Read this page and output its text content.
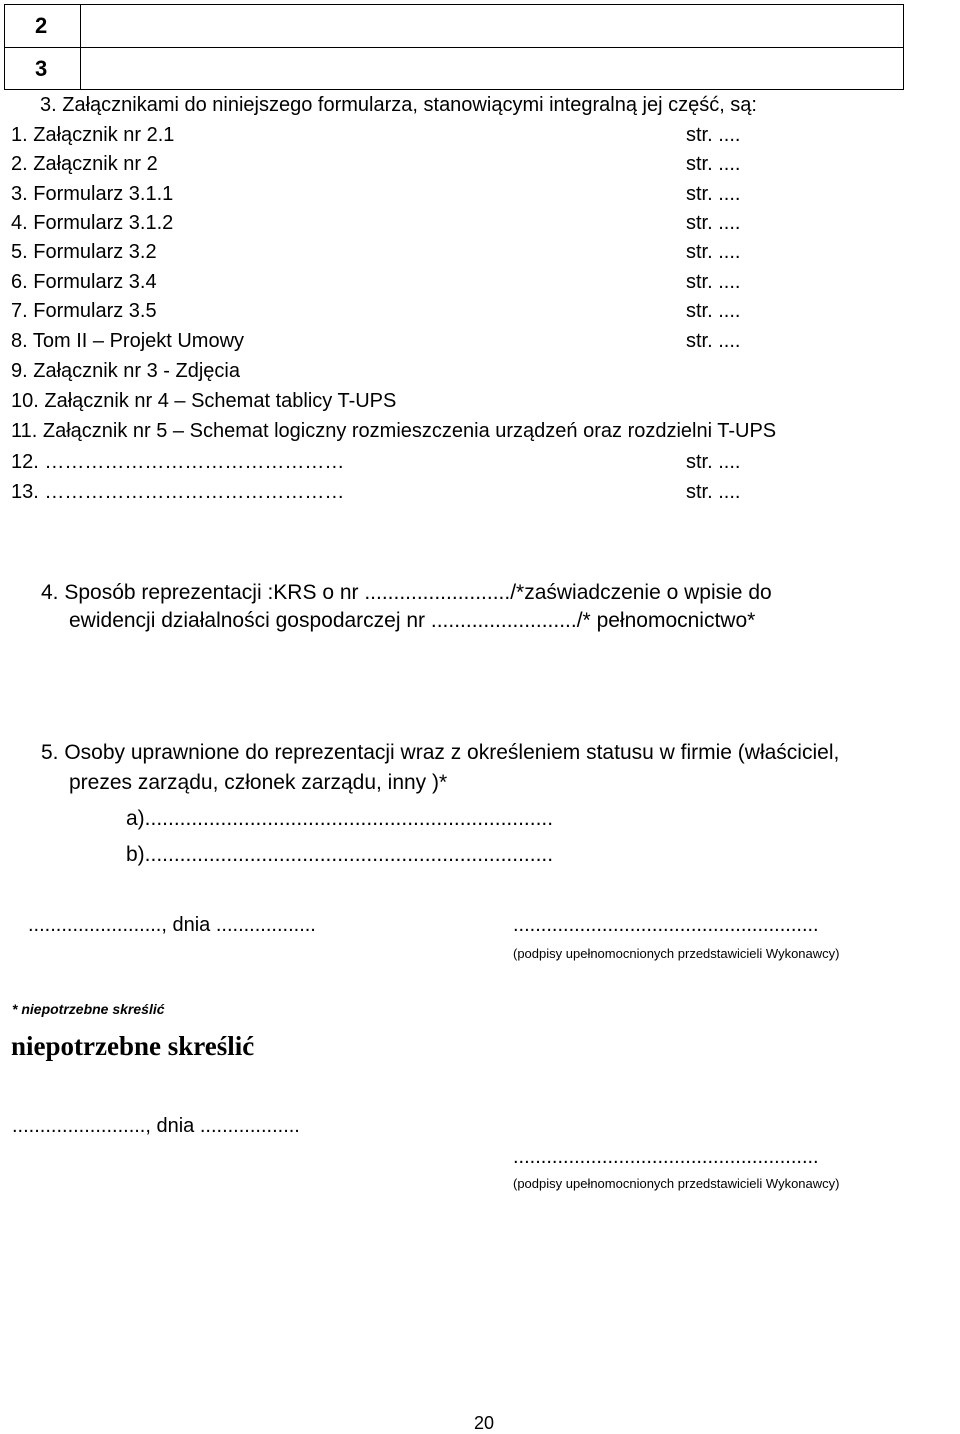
2
3
3. Załącznikami do niniejszego formularza, stanowiącymi integralną jej część, są:
1. Załącznik nr 2.1	str. ....
2. Załącznik nr 2	str. ....
3. Formularz 3.1.1	str. ....
4. Formularz 3.1.2	str. ....
5. Formularz 3.2	str. ....
6. Formularz 3.4	str. ....
7. Formularz 3.5	str. ....
8. Tom II – Projekt Umowy	str. ....
9. Załącznik nr 3 - Zdjęcia
10. Załącznik nr 4 – Schemat tablicy T-UPS
11. Załącznik nr 5 – Schemat logiczny rozmieszczenia urządzeń oraz rozdzielni T-UPS
12. ………………………………………	str. ....
13. ………………………………………	str. ....
4. Sposób reprezentacji :KRS o nr ........................./*zaświadczenie o wpisie do
ewidencji działalności gospodarczej nr ........................./* pełnomocnictwo*
5. Osoby uprawnione do reprezentacji wraz z określeniem statusu w firmie (właściciel,
prezes zarządu, członek zarządu, inny )*
a)......................................................................
b)......................................................................
........................, dnia ..................	.......................................................
(podpisy upełnomocnionych przedstawicieli Wykonawcy)
* niepotrzebne skreślić
niepotrzebne skreślić
........................, dnia ..................
.......................................................
(podpisy upełnomocnionych przedstawicieli Wykonawcy)
20
